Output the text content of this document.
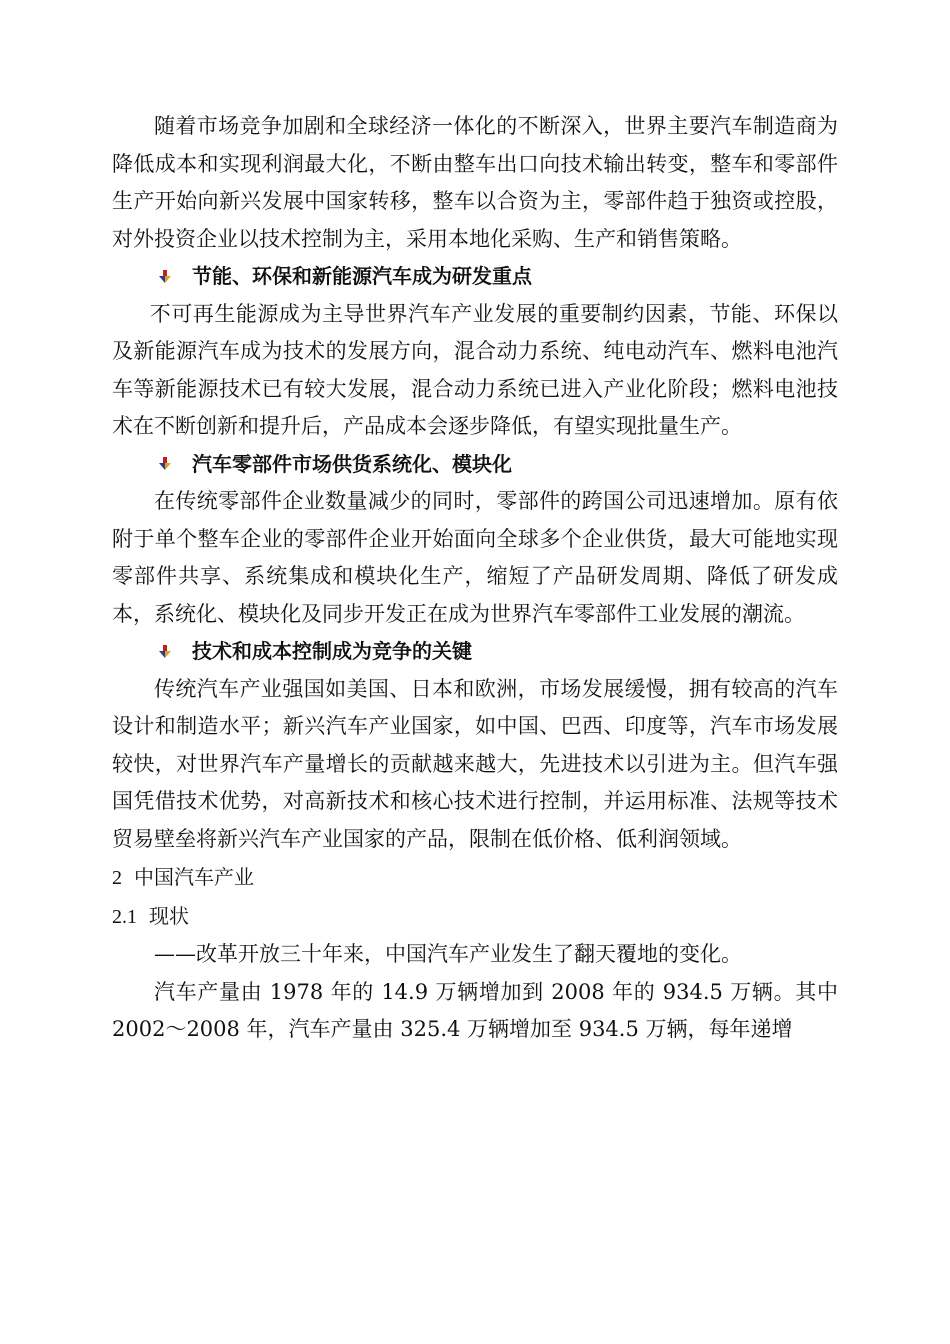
随着市场竞争加剧和全球经济一体化的不断深入，世界主要汽车制造商为降低成本和实现利润最大化，不断由整车出口向技术输出转变，整车和零部件生产开始向新兴发展中国家转移，整车以合资为主，零部件趋于独资或控股，对外投资企业以技术控制为主，采用本地化采购、生产和销售策略。

节能、环保和新能源汽车成为研发重点

不可再生能源成为主导世界汽车产业发展的重要制约因素，节能、环保以及新能源汽车成为技术的发展方向，混合动力系统、纯电动汽车、燃料电池汽车等新能源技术已有较大发展，混合动力系统已进入产业化阶段；燃料电池技术在不断创新和提升后，产品成本会逐步降低，有望实现批量生产。

汽车零部件市场供货系统化、模块化

在传统零部件企业数量减少的同时，零部件的跨国公司迅速增加。原有依附于单个整车企业的零部件企业开始面向全球多个企业供货，最大可能地实现零部件共享、系统集成和模块化生产，缩短了产品研发周期、降低了研发成本，系统化、模块化及同步开发正在成为世界汽车零部件工业发展的潮流。

技术和成本控制成为竞争的关键

传统汽车产业强国如美国、日本和欧洲，市场发展缓慢，拥有较高的汽车设计和制造水平；新兴汽车产业国家，如中国、巴西、印度等，汽车市场发展较快，对世界汽车产量增长的贡献越来越大，先进技术以引进为主。但汽车强国凭借技术优势，对高新技术和核心技术进行控制，并运用标准、法规等技术贸易壁垒将新兴汽车产业国家的产品，限制在低价格、低利润领域。

2 中国汽车产业

2.1 现状

——改革开放三十年来，中国汽车产业发生了翻天覆地的变化。

汽车产量由 1978 年的 14.9 万辆增加到 2008 年的 934.5 万辆。其中 2002～2008 年，汽车产量由 325.4 万辆增加至 934.5 万辆，每年递增
